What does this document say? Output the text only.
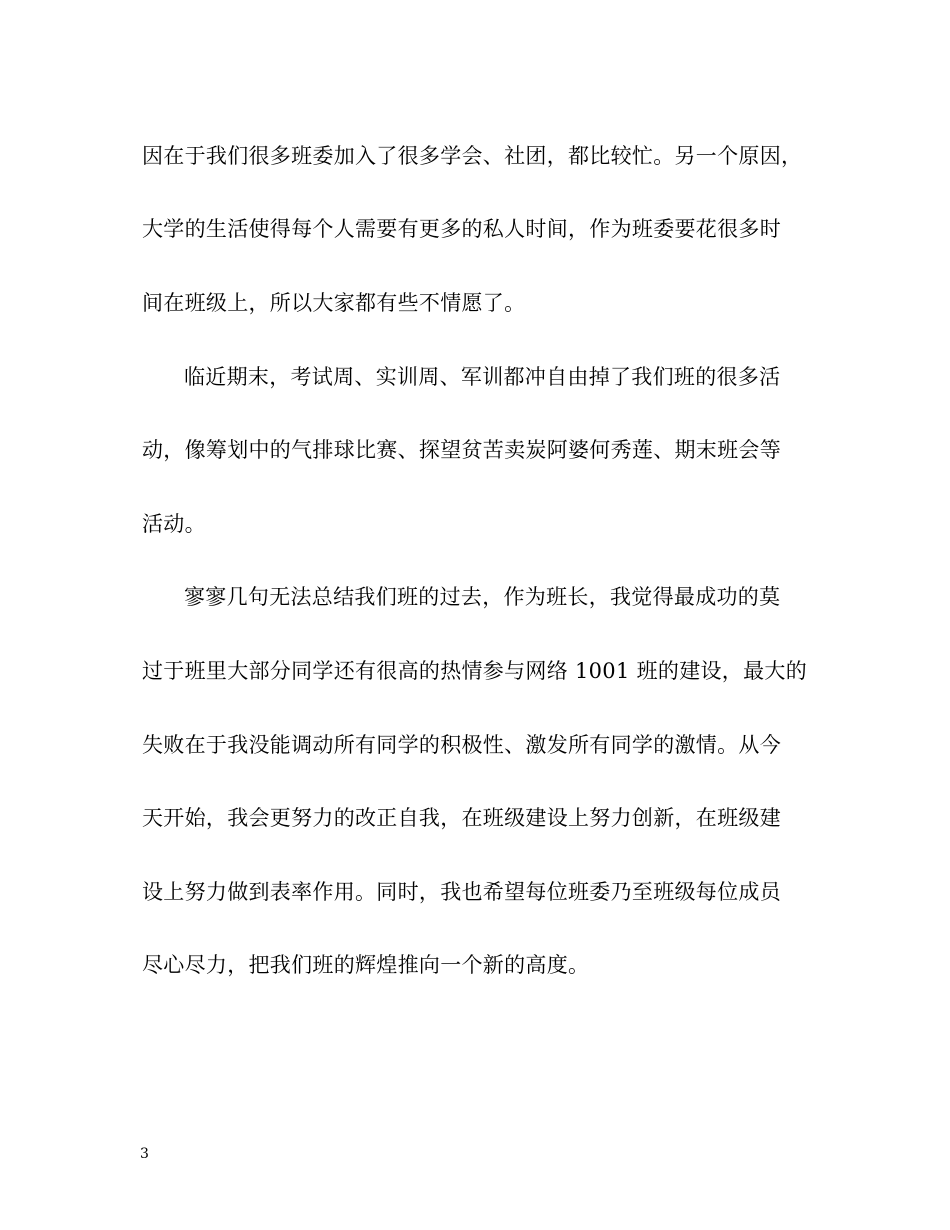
因在于我们很多班委加入了很多学会、社团，都比较忙。另一个原因，
大学的生活使得每个人需要有更多的私人时间，作为班委要花很多时
间在班级上，所以大家都有些不情愿了。
临近期末，考试周、实训周、军训都冲自由掉了我们班的很多活
动，像筹划中的气排球比赛、探望贫苦卖炭阿婆何秀莲、期末班会等
活动。
寥寥几句无法总结我们班的过去，作为班长，我觉得最成功的莫
过于班里大部分同学还有很高的热情参与网络 1001 班的建设，最大的
失败在于我没能调动所有同学的积极性、激发所有同学的激情。从今
天开始，我会更努力的改正自我，在班级建设上努力创新，在班级建
设上努力做到表率作用。同时，我也希望每位班委乃至班级每位成员
尽心尽力，把我们班的辉煌推向一个新的高度。
3
